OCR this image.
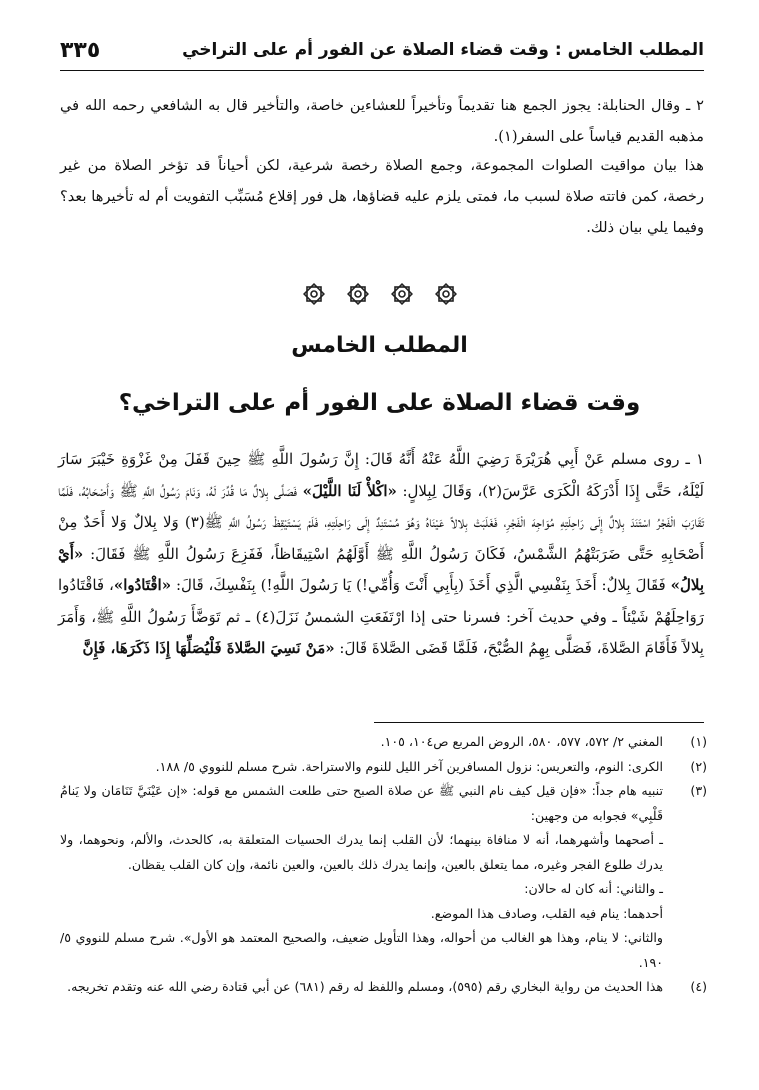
المطلب الخامس : وقت قضاء الصلاة عن الفور أم على التراخي
٣٣٥

٢ ـ وقال الحنابلة: يجوز الجمع هنا تقديماً وتأخيراً للعشاءين خاصة، والتأخير قال به الشافعي رحمه الله في مذهبه القديم قياساً على السفر(١).

هذا بيان مواقيت الصلوات المجموعة، وجمع الصلاة رخصة شرعية، لكن أحياناً قد تؤخر الصلاة من غير رخصة، كمن فاتته صلاة لسبب ما، فمتى يلزم عليه قضاؤها، هل فور إقلاع مُسَبِّب التفويت أم له تأخيرها بعد؟ وفيما يلي بيان ذلك.

المطلب الخامس
وقت قضاء الصلاة على الفور أم على التراخي؟
١ ـ روى مسلم عَنْ أَبِي هُرَيْرَةَ رَضِيَ اللَّهُ عَنْهُ أَنَّهُ قَالَ: إِنَّ رَسُولَ اللَّهِ ﷺ حِينَ قَفَلَ مِنْ غَزْوَةِ خَيْبَرَ سَارَ لَيْلَهُ، حَتَّى إِذَا أَدْرَكَهُ الْكَرَى عَرَّسَ(٢)، وَقَالَ لِبِلالٍ: «اكْلأْ لَنَا اللَّيْلَ» فَصَلَّى بِلالٌ مَا قُدِّرَ لَهُ، وَنَامَ رَسُولُ اللَّهِ ﷺ وَأَصْحَابُهُ، فَلَمَّا تَقَارَبَ الْفَجْرُ اسْتَنَدَ بِلالٌ إِلَى رَاحِلَتِهِ مُوَاجِهَ الْفَجْرِ، فَغَلَبَتْ بِلالاً عَيْنَاهُ وَهُوَ مُسْتَنِدٌ إِلَى رَاحِلَتِهِ، فَلَمْ يَسْتَيْقِظْ رَسُولُ اللَّهِ ﷺ(٣) وَلا بِلالٌ وَلا أَحَدٌ مِنْ أَصْحَابِهِ حَتَّى ضَرَبَتْهُمُ الشَّمْسُ، فَكَانَ رَسُولُ اللَّهِ ﷺ أَوَّلَهُمُ اسْتِيقَاظاً، فَفَزِعَ رَسُولُ اللَّهِ ﷺ فَقَالَ: «أَيْ بِلالُ» فَقَالَ بِلالٌ: أَخَذَ بِنَفْسِي الَّذِي أَخَذَ (بِأَبِي أَنْتَ وَأُمِّي!) يَا رَسُولَ اللَّهِ!) بِنَفْسِكَ، قَالَ: «اقْتَادُوا»، فَاقْتَادُوا رَوَاحِلَهُمْ شَيْئاً ـ وفي حديث آخر: فسرنا حتى إذا ارْتَفَعَتِ الشمسُ نَزَلَ(٤) ـ ثم تَوَضَّأَ رَسُولُ اللَّهِ ﷺ، وَأَمَرَ بِلالاً فَأَقَامَ الصَّلاةَ، فَصَلَّى بِهِمُ الصُّبْحَ، فَلَمَّا قَضَى الصَّلاةَ قَالَ: «مَنْ نَسِيَ الصَّلاةَ فَلْيُصَلِّهَا إِذَا ذَكَرَهَا، فَإِنَّ
(١)
المغني ٢/ ٥٧٢، ٥٧٧، ٥٨٠، الروض المربع ص١٠٤، ١٠٥.
(٢)
الكرى: النوم، والتعريس: نزول المسافرين آخر الليل للنوم والاستراحة. شرح مسلم للنووي ٥/ ١٨٨.
(٣)
تنبيه هام جداً: «فإن قيل كيف نام النبي ﷺ عن صلاة الصبح حتى طلعت الشمس مع قوله: «إن عَيْنَيَّ تَنَامَان ولا يَنامُ قَلْبِي» فجوابه من وجهين:
ـ أصحهما وأشهرهما، أنه لا منافاة بينهما؛ لأن القلب إنما يدرك الحسيات المتعلقة به، كالحدث، والألم، ونحوهما، ولا يدرك طلوع الفجر وغيره، مما يتعلق بالعين، وإنما يدرك ذلك بالعين، والعين نائمة، وإن كان القلب يقظان.
ـ والثاني: أنه كان له حالان:
أحدهما: ينام فيه القلب، وصادف هذا الموضع.
والثاني: لا ينام، وهذا هو الغالب من أحواله، وهذا التأويل ضعيف، والصحيح المعتمد هو الأول». شرح مسلم للنووي ٥/ ١٩٠.
(٤)
هذا الحديث من رواية البخاري رقم (٥٩٥)، ومسلم واللفظ له رقم (٦٨١) عن أبي قتادة رضي الله عنه وتقدم تخريجه.
